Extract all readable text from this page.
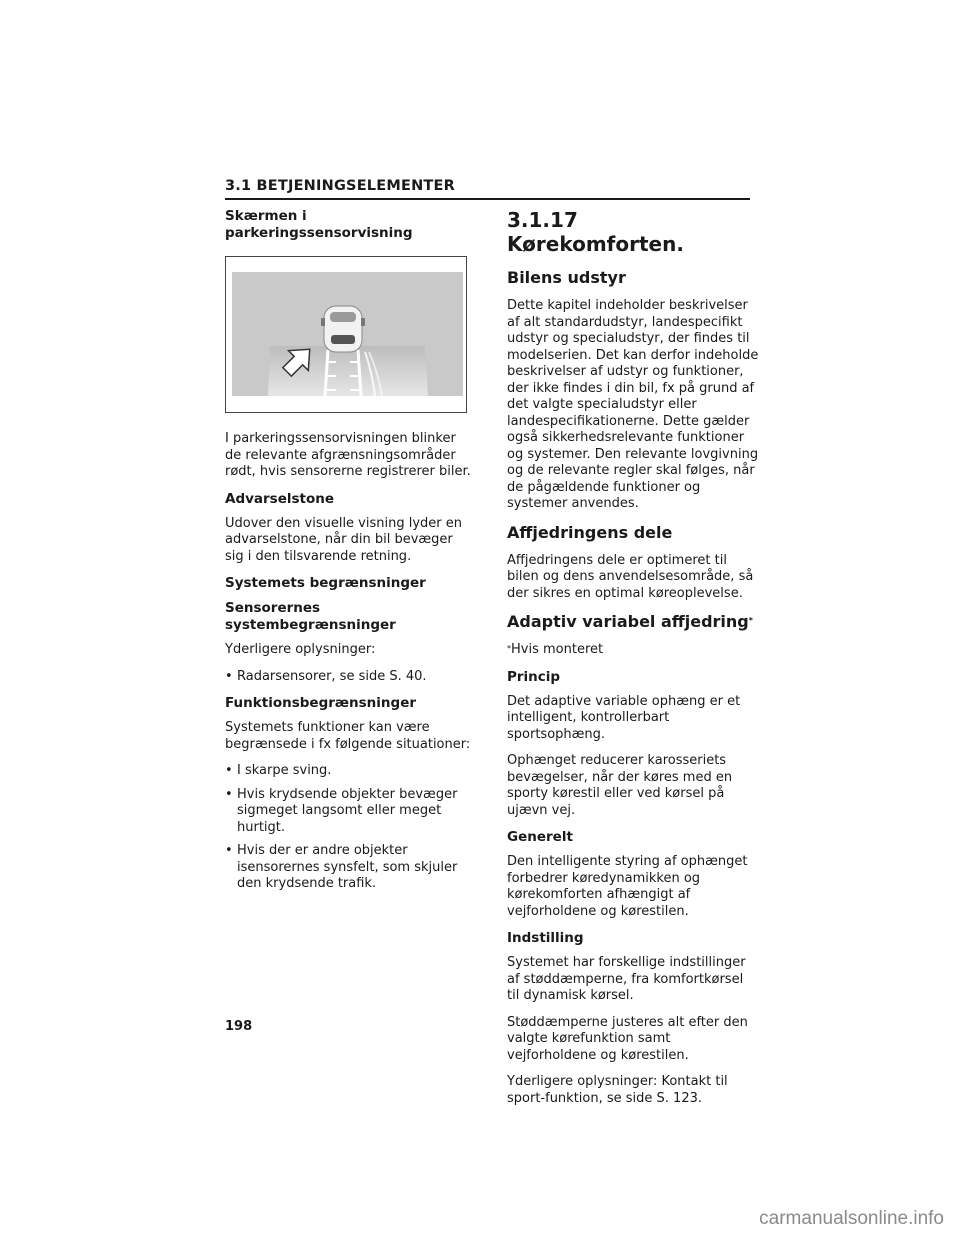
3.1 BETJENINGSELEMENTER
Skærmen i parkeringssensorvisning

I parkeringssensorvisningen blinker de relevante afgrænsningsområder rødt, hvis sensorerne registrerer biler.

Advarselstone

Udover den visuelle visning lyder en advarselstone, når din bil bevæger sig i den tilsvarende retning.

Systemets begrænsninger
Sensorernes systembegrænsninger

Yderligere oplysninger:

• Radarsensorer, se side S. 40.
Funktionsbegrænsninger

Systemets funktioner kan være begrænsede i fx følgende situationer:

• I skarpe sving.
• Hvis krydsende objekter bevæger sigmeget langsomt eller meget hurtigt.
• Hvis der er andre objekter isensorernes synsfelt, som skjuler den krydsende trafik.
3.1.17 Kørekomforten.
Bilens udstyr

Dette kapitel indeholder beskrivelser af alt standardudstyr, landespecifikt udstyr og specialudstyr, der findes til modelserien. Det kan derfor indeholde beskrivelser af udstyr og funktioner, der ikke findes i din bil, fx på grund af det valgte specialudstyr eller landespecifikationerne. Dette gælder også sikkerhedsrelevante funktioner og systemer. Den relevante lovgivning og de relevante regler skal følges, når de pågældende funktioner og systemer anvendes.

Affjedringens dele

Affjedringens dele er optimeret til bilen og dens anvendelsesområde, så der sikres en optimal køreoplevelse.

Adaptiv variabel affjedring*

*Hvis monteret

Princip

Det adaptive variable ophæng er et intelligent, kontrollerbart sportsophæng.

Ophænget reducerer karosseriets bevægelser, når der køres med en sporty kørestil eller ved kørsel på ujævn vej.

Generelt

Den intelligente styring af ophænget forbedrer køredynamikken og kørekomforten afhængigt af vejforholdene og kørestilen.

Indstilling

Systemet har forskellige indstillinger af støddæmperne, fra komfortkørsel til dynamisk kørsel.

Støddæmperne justeres alt efter den valgte kørefunktion samt vejforholdene og kørestilen.

Yderligere oplysninger: Kontakt til sport-funktion, se side S. 123.

198
carmanualsonline.info
